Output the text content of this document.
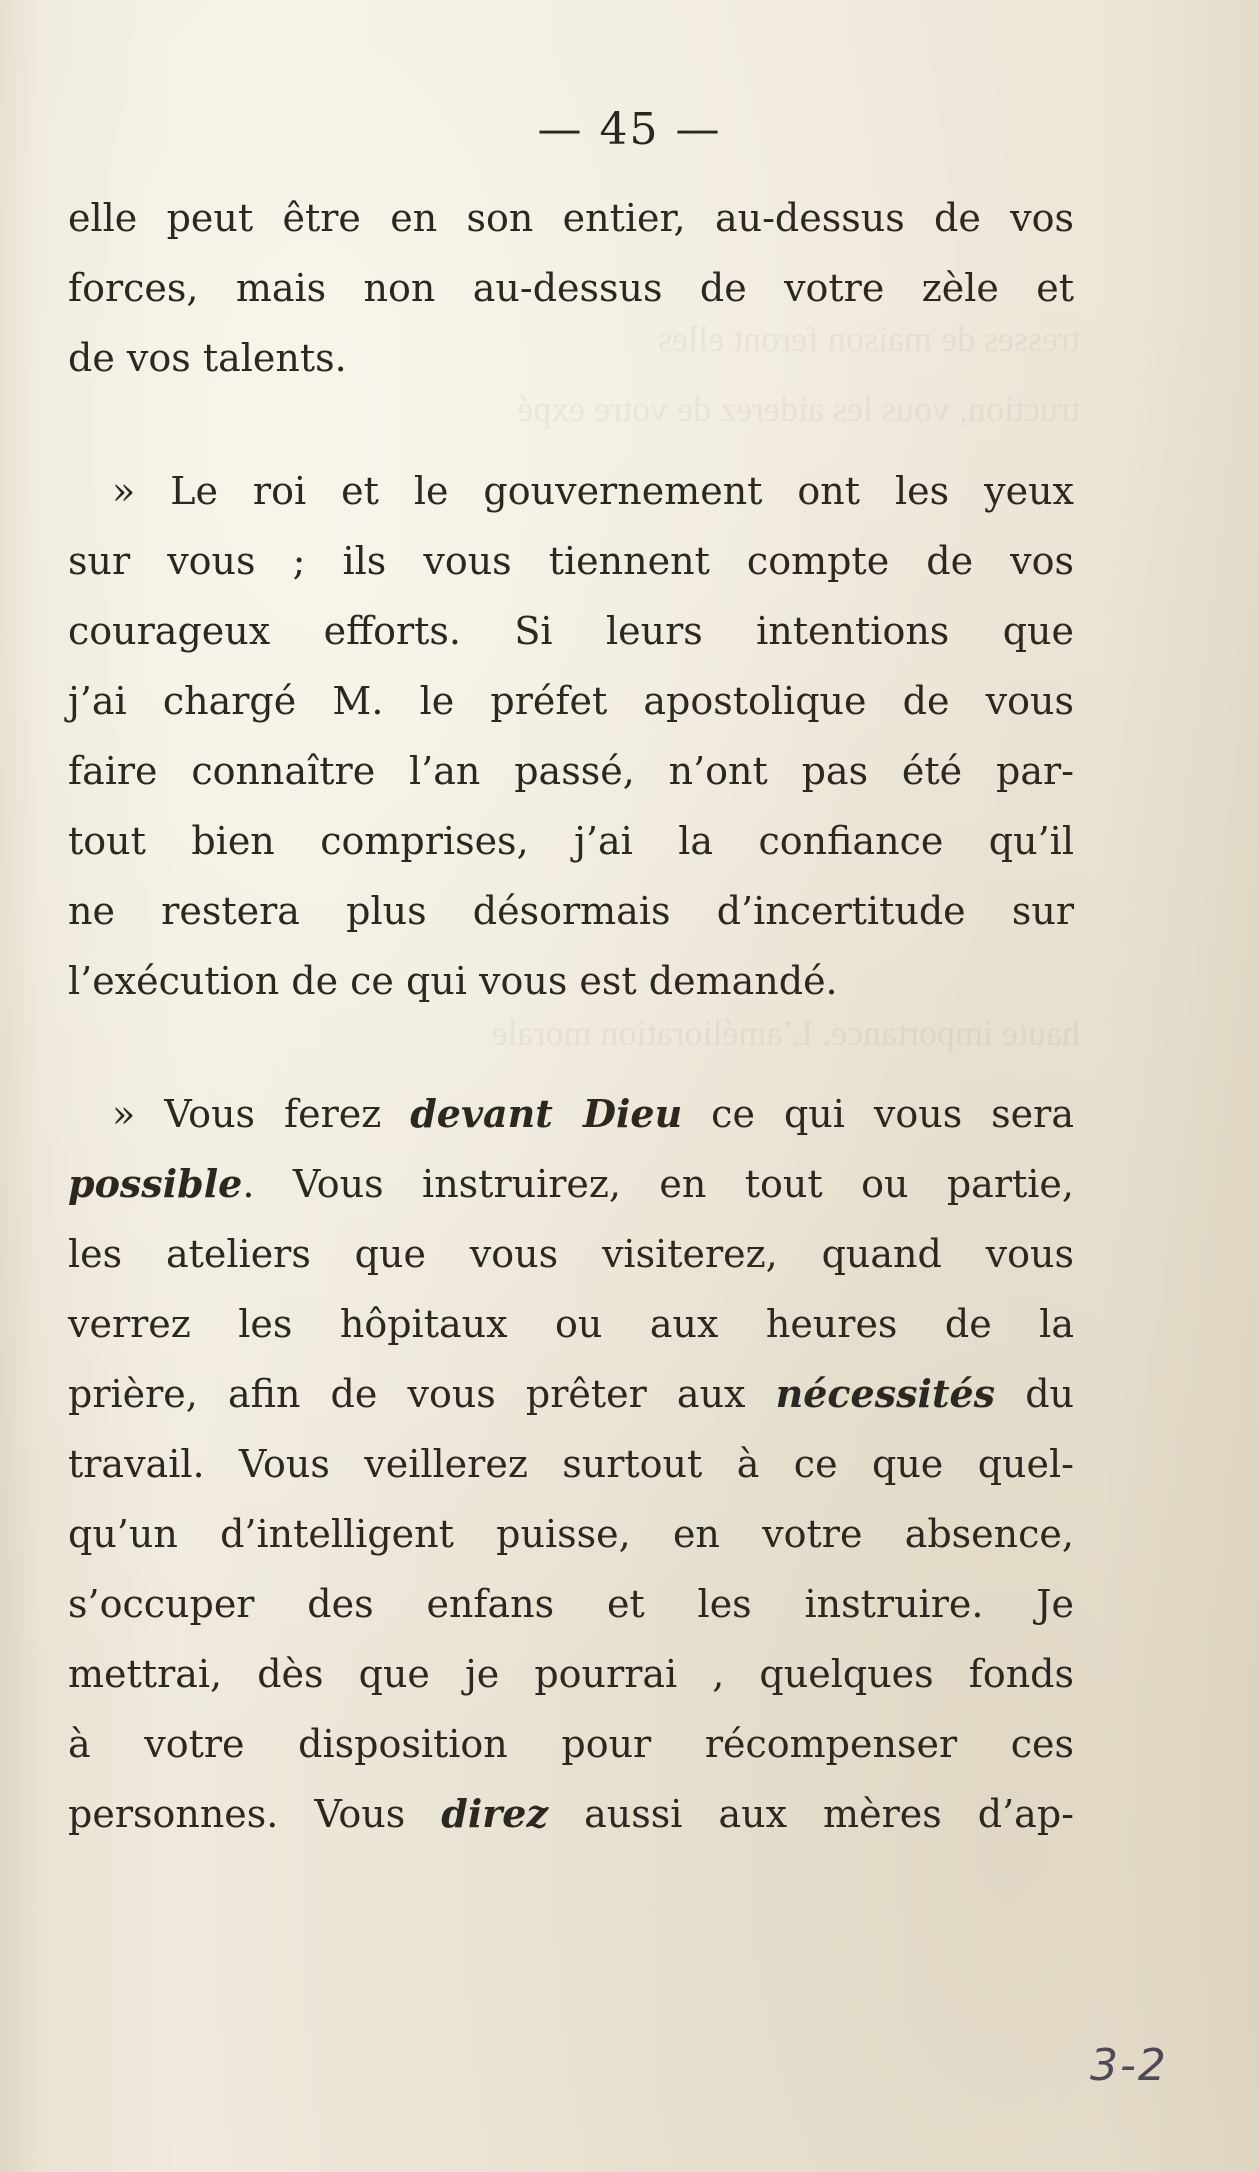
tresses de maison feront elles
truction, vous les aiderez de votre expé
haute importance. L’amélioration morale
— 45 —
elle peut être en son entier, au-dessus de vos
forces, mais non au-dessus de votre zèle et
de vos talents.
» Le roi et le gouvernement ont les yeux
sur vous ; ils vous tiennent compte de vos
courageux efforts. Si leurs intentions que
j’ai chargé M. le préfet apostolique de vous
faire connaître l’an passé, n’ont pas été par-
tout bien comprises, j’ai la confiance qu’il
ne restera plus désormais d’incertitude sur
l’exécution de ce qui vous est demandé.
» Vous ferez devant Dieu ce qui vous sera
possible. Vous instruirez, en tout ou partie,
les ateliers que vous visiterez, quand vous
verrez les hôpitaux ou aux heures de la
prière, afin de vous prêter aux nécessités du
travail. Vous veillerez surtout à ce que quel-
qu’un d’intelligent puisse, en votre absence,
s’occuper des enfans et les instruire. Je
mettrai, dès que je pourrai , quelques fonds
à votre disposition pour récompenser ces
personnes. Vous direz aussi aux mères d’ap-
3-2
